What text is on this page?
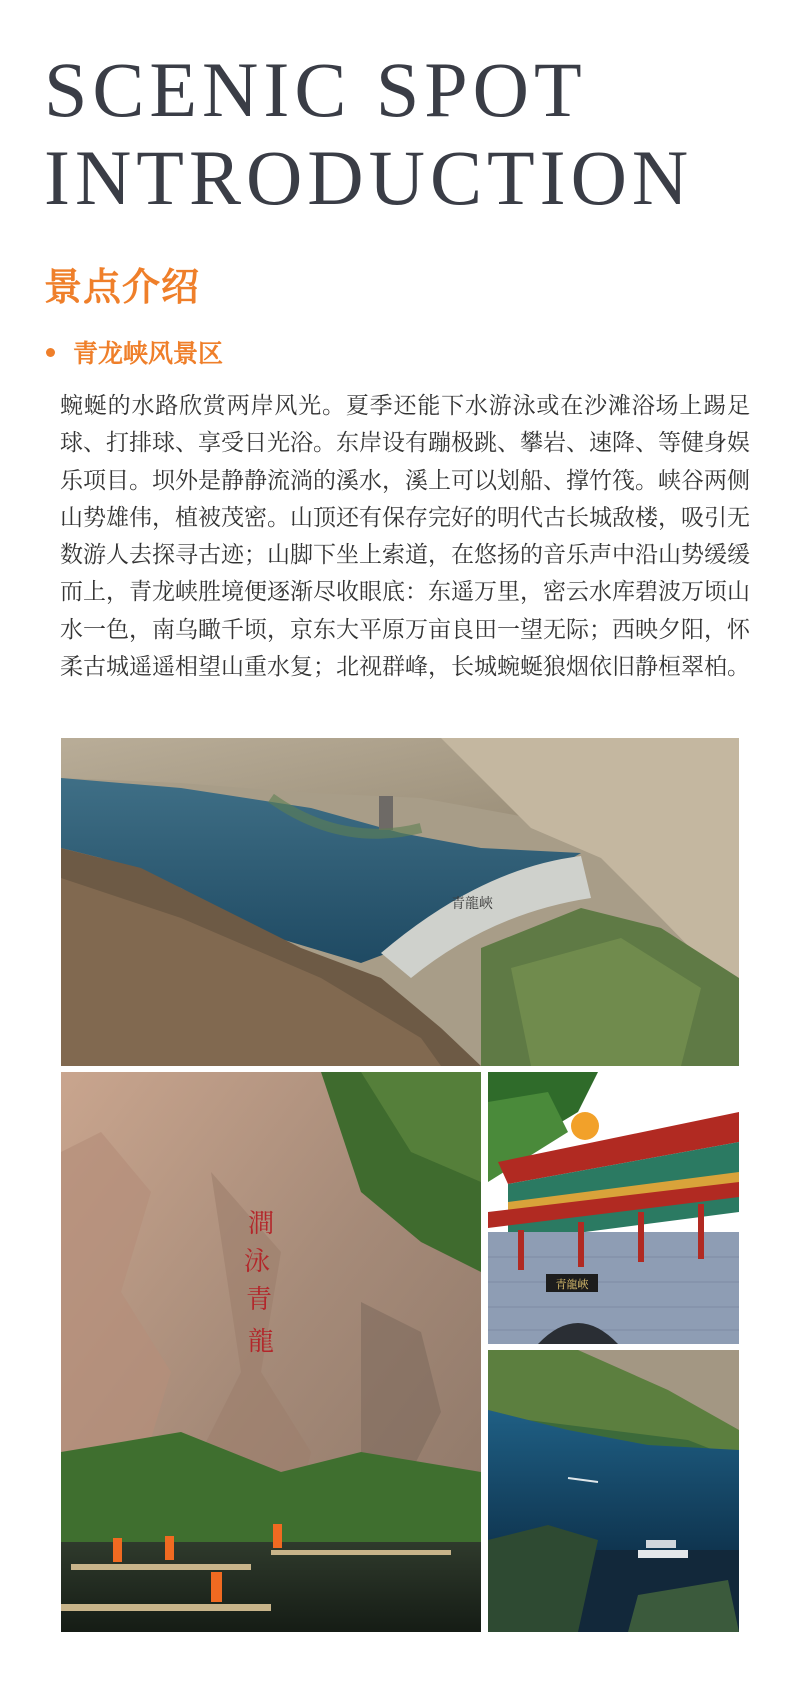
SCENIC SPOT
INTRODUCTION
景点介绍
青龙峡风景区

蜿蜒的水路欣赏两岸风光。夏季还能下水游泳或在沙滩浴场上踢足球、打排球、享受日光浴。东岸设有蹦极跳、攀岩、速降、等健身娱乐项目。坝外是静静流淌的溪水，溪上可以划船、撑竹筏。峡谷两侧山势雄伟，植被茂密。山顶还有保存完好的明代古长城敌楼，吸引无数游人去探寻古迹；山脚下坐上索道，在悠扬的音乐声中沿山势缓缓而上，青龙峡胜境便逐渐尽收眼底：东遥万里，密云水库碧波万顷山水一色，南乌瞰千顷，京东大平原万亩良田一望无际；西映夕阳，怀柔古城遥遥相望山重水复；北视群峰，长城蜿蜒狼烟依旧静桓翠柏。

青龍峽
澗
泳
青
龍
青龍峽
